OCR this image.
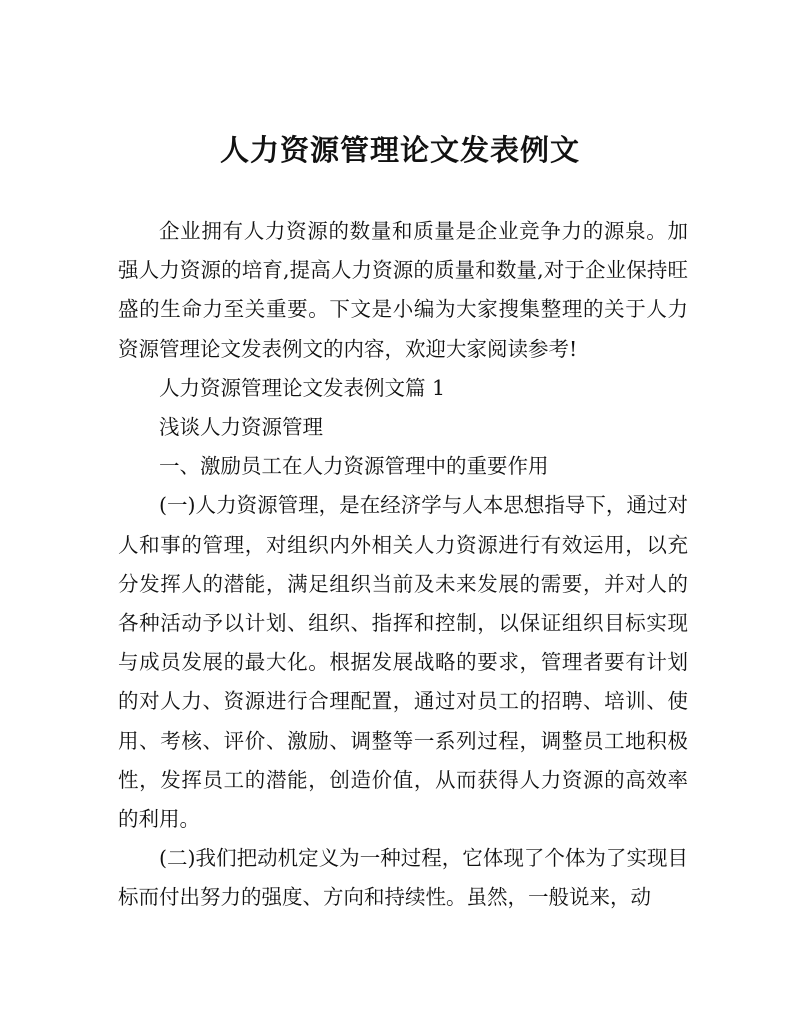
人力资源管理论文发表例文

企业拥有人力资源的数量和质量是企业竞争力的源泉。加强人力资源的培育,提高人力资源的质量和数量,对于企业保持旺盛的生命力至关重要。下文是小编为大家搜集整理的关于人力资源管理论文发表例文的内容，欢迎大家阅读参考!

人力资源管理论文发表例文篇 1

浅谈人力资源管理

一、激励员工在人力资源管理中的重要作用

(一)人力资源管理，是在经济学与人本思想指导下，通过对人和事的管理，对组织内外相关人力资源进行有效运用，以充分发挥人的潜能，满足组织当前及未来发展的需要，并对人的各种活动予以计划、组织、指挥和控制，以保证组织目标实现与成员发展的最大化。根据发展战略的要求，管理者要有计划的对人力、资源进行合理配置，通过对员工的招聘、培训、使用、考核、评价、激励、调整等一系列过程，调整员工地积极性，发挥员工的潜能，创造价值，从而获得人力资源的高效率的利用。

(二)我们把动机定义为一种过程，它体现了个体为了实现目标而付出努力的强度、方向和持续性。虽然，一般说来，动
